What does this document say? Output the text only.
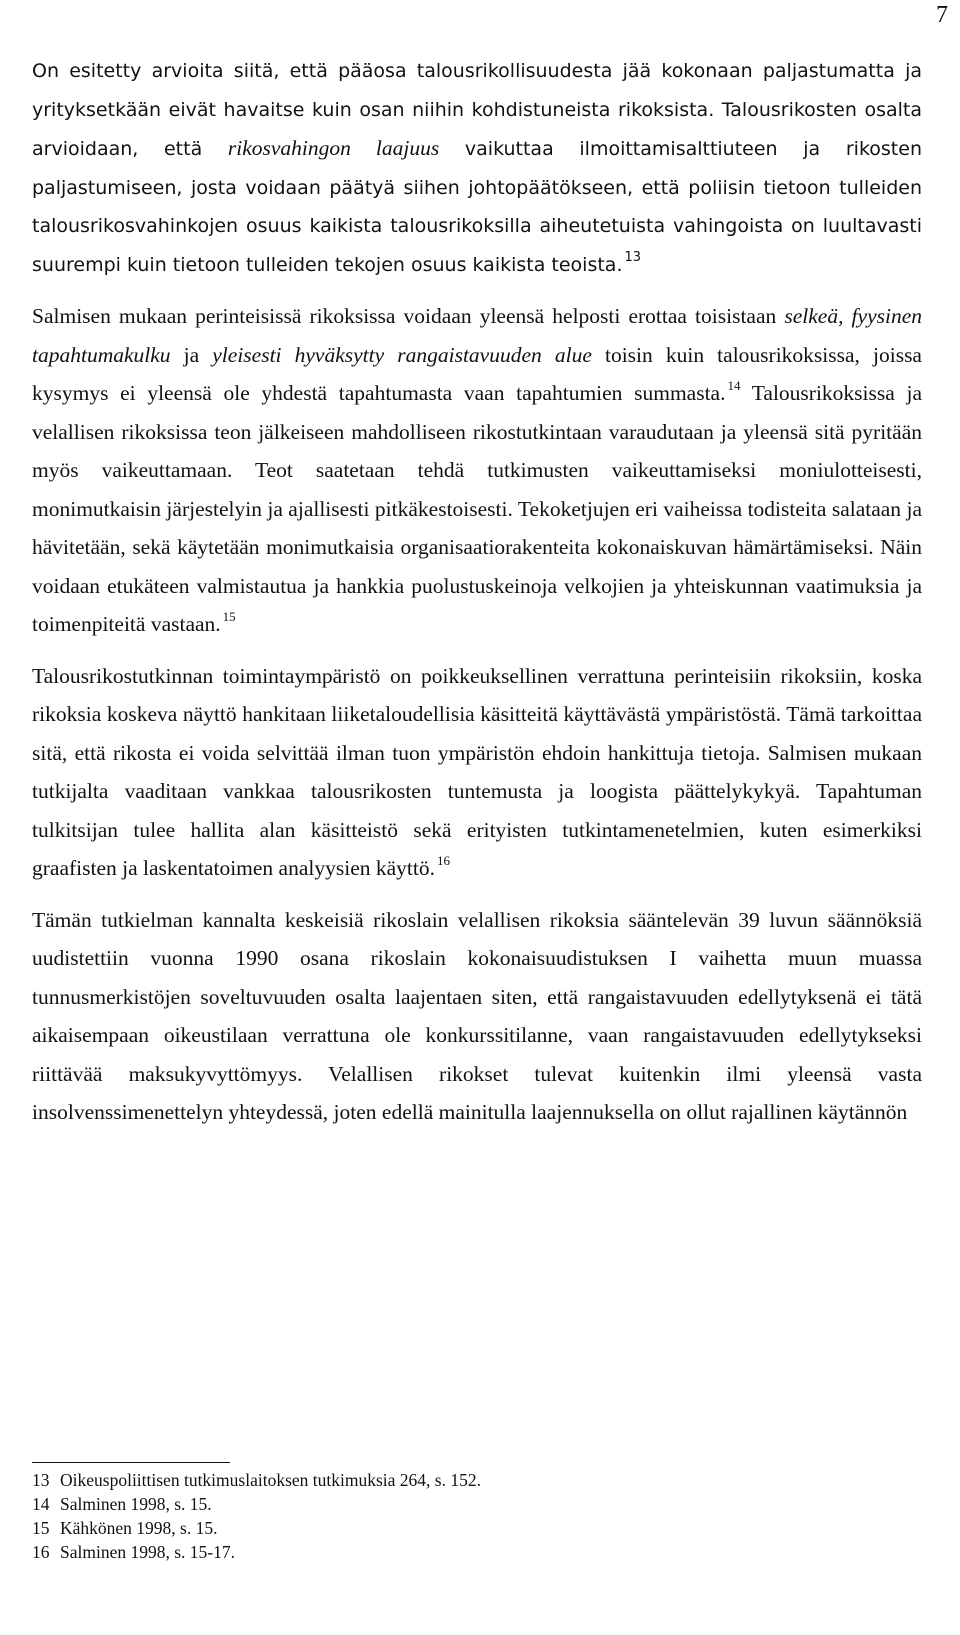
7

On esitetty arvioita siitä, että pääosa talousrikollisuudesta jää kokonaan paljastumatta ja yrityksetkään eivät havaitse kuin osan niihin kohdistuneista rikoksista. Talousrikosten osalta arvioidaan, että rikosvahingon laajuus vaikuttaa ilmoittamisalttiuteen ja rikosten paljastumiseen, josta voidaan päätyä siihen johtopäätökseen, että poliisin tietoon tulleiden talousrikosvahinkojen osuus kaikista talousrikoksilla aiheutetuista vahingoista on luultavasti suurempi kuin tietoon tulleiden tekojen osuus kaikista teoista. $^{13}$

Salmisen mukaan perinteisissä rikoksissa voidaan yleensä helposti erottaa toisistaan selkeä, fyysinen tapahtumakulku ja yleisesti hyväksytty rangaistavuuden alue toisin kuin talousrikoksissa, joissa kysymys ei yleensä ole yhdestä tapahtumasta vaan tapahtumien summasta. $^{14}$ Talousrikoksissa ja velallisen rikoksissa teon jälkeiseen mahdolliseen rikostutkintaan varaudutaan ja yleensä sitä pyritään myös vaikeuttamaan. Teot saatetaan tehdä tutkimusten vaikeuttamiseksi moniulotteisesti, monimutkaisin järjestelyin ja ajallisesti pitkäkestoisesti. Tekoketjujen eri vaiheissa todisteita salataan ja hävitetään, sekä käytetään monimutkaisia organisaatiorakenteita kokonaiskuvan hämärtämiseksi. Näin voidaan etukäteen valmistautua ja hankkia puolustuskeinoja velkojien ja yhteiskunnan vaatimuksia ja toimenpiteitä vastaan. $^{15}$

Talousrikostutkinnan toimintaympäristö on poikkeuksellinen verrattuna perinteisiin rikoksiin, koska rikoksia koskeva näyttö hankitaan liiketaloudellisia käsitteitä käyttävästä ympäristöstä. Tämä tarkoittaa sitä, että rikosta ei voida selvittää ilman tuon ympäristön ehdoin hankittuja tietoja. Salmisen mukaan tutkijalta vaaditaan vankkaa talousrikosten tuntemusta ja loogista päättelykykyä. Tapahtuman tulkitsijan tulee hallita alan käsitteistö sekä erityisten tutkintamenetelmien, kuten esimerkiksi graafisten ja laskentatoimen analyysien käyttö. $^{16}$

Tämän tutkielman kannalta keskeisiä rikoslain velallisen rikoksia sääntelevän 39 luvun säännöksiä uudistettiin vuonna 1990 osana rikoslain kokonaisuudistuksen I vaihetta muun muassa tunnusmerkistöjen soveltuvuuden osalta laajentaen siten, että rangaistavuuden edellytyksenä ei tätä aikaisempaan oikeustilaan verrattuna ole konkurssitilanne, vaan rangaistavuuden edellytykseksi riittävää maksukyvyttömyys. Velallisen rikokset tulevat kuitenkin ilmi yleensä vasta insolvenssimenettelyn yhteydessä, joten edellä mainitulla laajennuksella on ollut rajallinen käytännön

13 Oikeuspoliittisen tutkimuslaitoksen tutkimuksia 264, s. 152.
14 Salminen 1998, s. 15.
15 Kähkönen 1998, s. 15.
16 Salminen 1998, s. 15-17.
